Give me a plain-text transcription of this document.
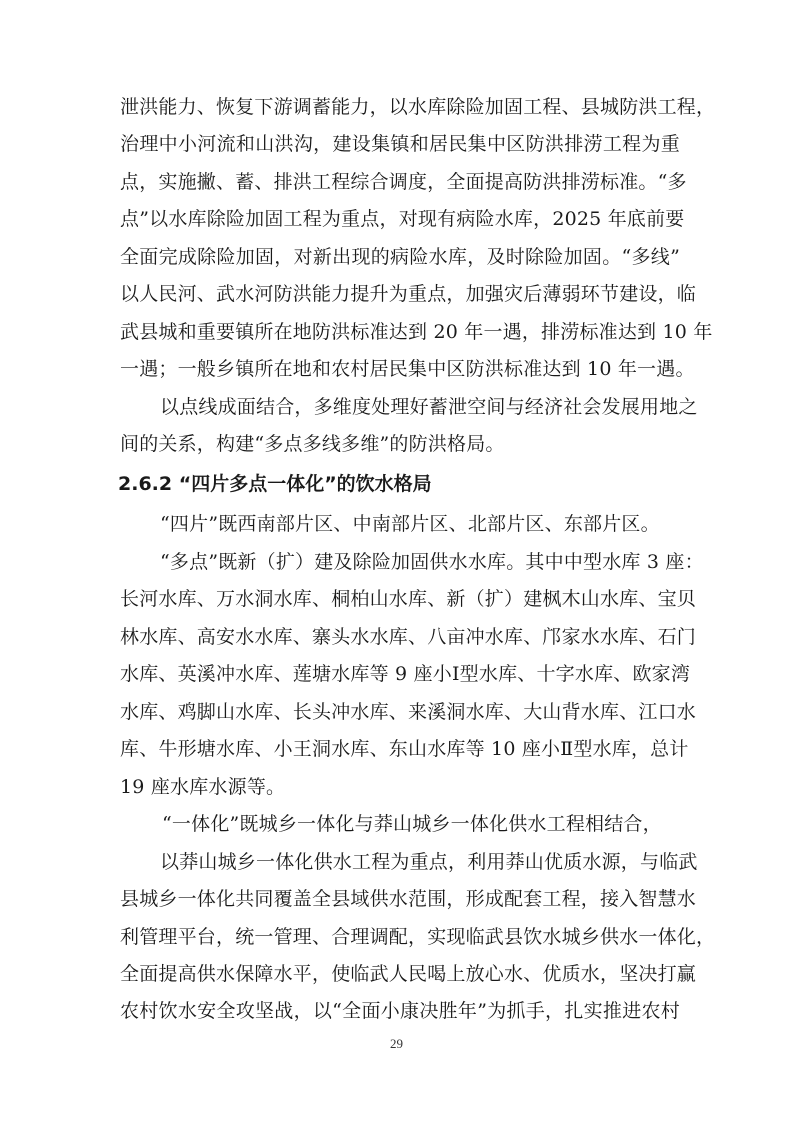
泄洪能力、恢复下游调蓄能力，以水库除险加固工程、县城防洪工程，
治理中小河流和山洪沟，建设集镇和居民集中区防洪排涝工程为重
点，实施撇、蓄、排洪工程综合调度，全面提高防洪排涝标准。“多
点”以水库除险加固工程为重点，对现有病险水库，2025 年底前要
全面完成除险加固，对新出现的病险水库，及时除险加固。“多线”
以人民河、武水河防洪能力提升为重点，加强灾后薄弱环节建设，临
武县城和重要镇所在地防洪标准达到 20 年一遇，排涝标准达到 10 年
一遇；一般乡镇所在地和农村居民集中区防洪标准达到 10 年一遇。
以点线成面结合，多维度处理好蓄泄空间与经济社会发展用地之
间的关系，构建“多点多线多维”的防洪格局。
2.6.2 “四片多点一体化”的饮水格局
“四片”既西南部片区、中南部片区、北部片区、东部片区。
“多点”既新（扩）建及除险加固供水水库。其中中型水库 3 座：
长河水库、万水洞水库、桐柏山水库、新（扩）建枫木山水库、宝贝
林水库、高安水水库、寨头水水库、八亩冲水库、邝家水水库、石门
水库、英溪冲水库、莲塘水库等 9 座小Ⅰ型水库、十字水库、欧家湾
水库、鸡脚山水库、长头冲水库、来溪洞水库、大山背水库、江口水
库、牛形塘水库、小王洞水库、东山水库等 10 座小Ⅱ型水库，总计
19 座水库水源等。
“一体化”既城乡一体化与莽山城乡一体化供水工程相结合，
以莽山城乡一体化供水工程为重点，利用莽山优质水源，与临武
县城乡一体化共同覆盖全县域供水范围，形成配套工程，接入智慧水
利管理平台，统一管理、合理调配，实现临武县饮水城乡供水一体化，
全面提高供水保障水平，使临武人民喝上放心水、优质水，坚决打赢
农村饮水安全攻坚战，以“全面小康决胜年”为抓手，扎实推进农村
29
